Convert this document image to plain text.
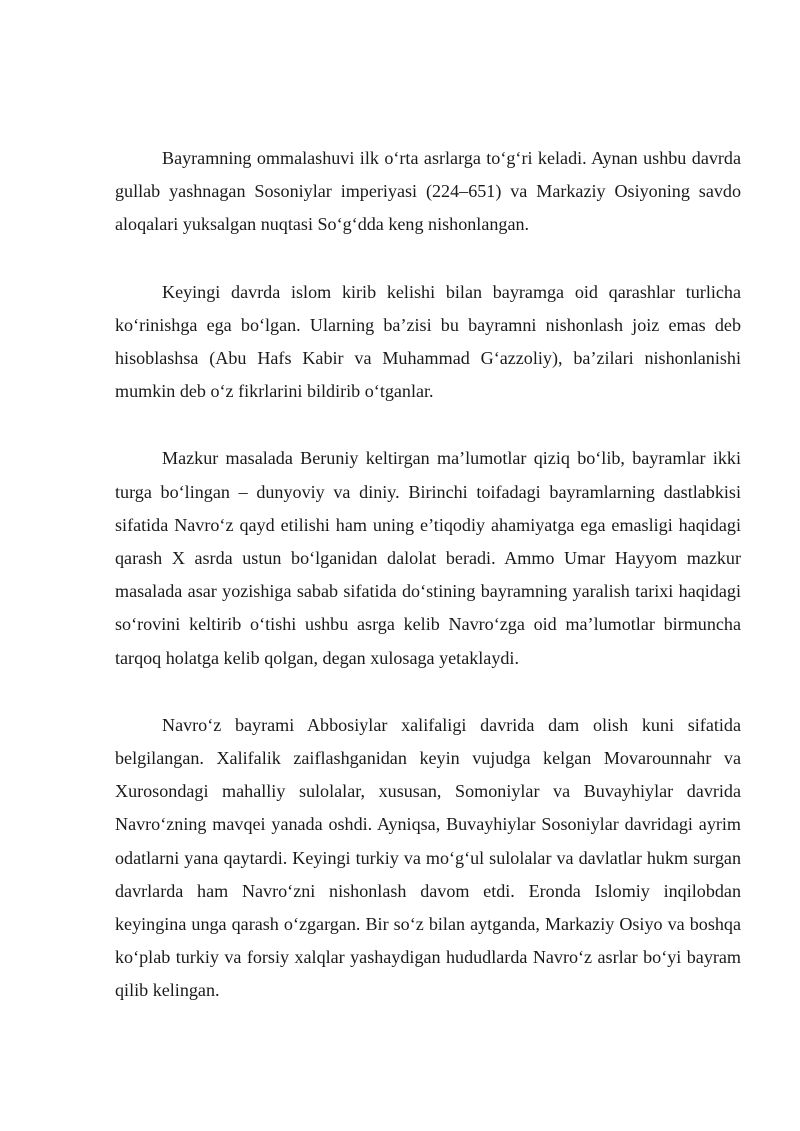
Bayramning ommalashuvi ilk o‘rta asrlarga to‘g‘ri keladi. Aynan ushbu davrda gullab yashnagan Sosoniylar imperiyasi (224–651) va Markaziy Osiyoning savdo aloqalari yuksalgan nuqtasi So‘g‘dda keng nishonlangan.

Keyingi davrda islom kirib kelishi bilan bayramga oid qarashlar turlicha ko‘rinishga ega bo‘lgan. Ularning ba’zisi bu bayramni nishonlash joiz emas deb hisoblashsa (Abu Hafs Kabir va Muhammad G‘azzoliy), ba’zilari nishonlanishi mumkin deb o‘z fikrlarini bildirib o‘tganlar.

Mazkur masalada Beruniy keltirgan ma’lumotlar qiziq bo‘lib, bayramlar ikki turga bo‘lingan – dunyoviy va diniy. Birinchi toifadagi bayramlarning dastlabkisi sifatida Navro‘z qayd etilishi ham uning e’tiqodiy ahamiyatga ega emasligi haqidagi qarash X asrda ustun bo‘lganidan dalolat beradi. Ammo Umar Hayyom mazkur masalada asar yozishiga sabab sifatida do‘stining bayramning yaralish tarixi haqidagi so‘rovini keltirib o‘tishi ushbu asrga kelib Navro‘zga oid ma’lumotlar birmuncha tarqoq holatga kelib qolgan, degan xulosaga yetaklaydi.

Navro‘z bayrami Abbosiylar xalifaligi davrida dam olish kuni sifatida belgilangan. Xalifalik zaiflashganidan keyin vujudga kelgan Movarounnahr va Xurosondagi mahalliy sulolalar, xususan, Somoniylar va Buvayhiylar davrida Navro‘zning mavqei yanada oshdi. Ayniqsa, Buvayhiylar Sosoniylar davridagi ayrim odatlarni yana qaytardi. Keyingi turkiy va mo‘g‘ul sulolalar va davlatlar hukm surgan davrlarda ham Navro‘zni nishonlash davom etdi. Eronda Islomiy inqilobdan keyingina unga qarash o‘zgargan. Bir so‘z bilan aytganda, Markaziy Osiyo va boshqa ko‘plab turkiy va forsiy xalqlar yashaydigan hududlarda Navro‘z asrlar bo‘yi bayram qilib kelingan.
